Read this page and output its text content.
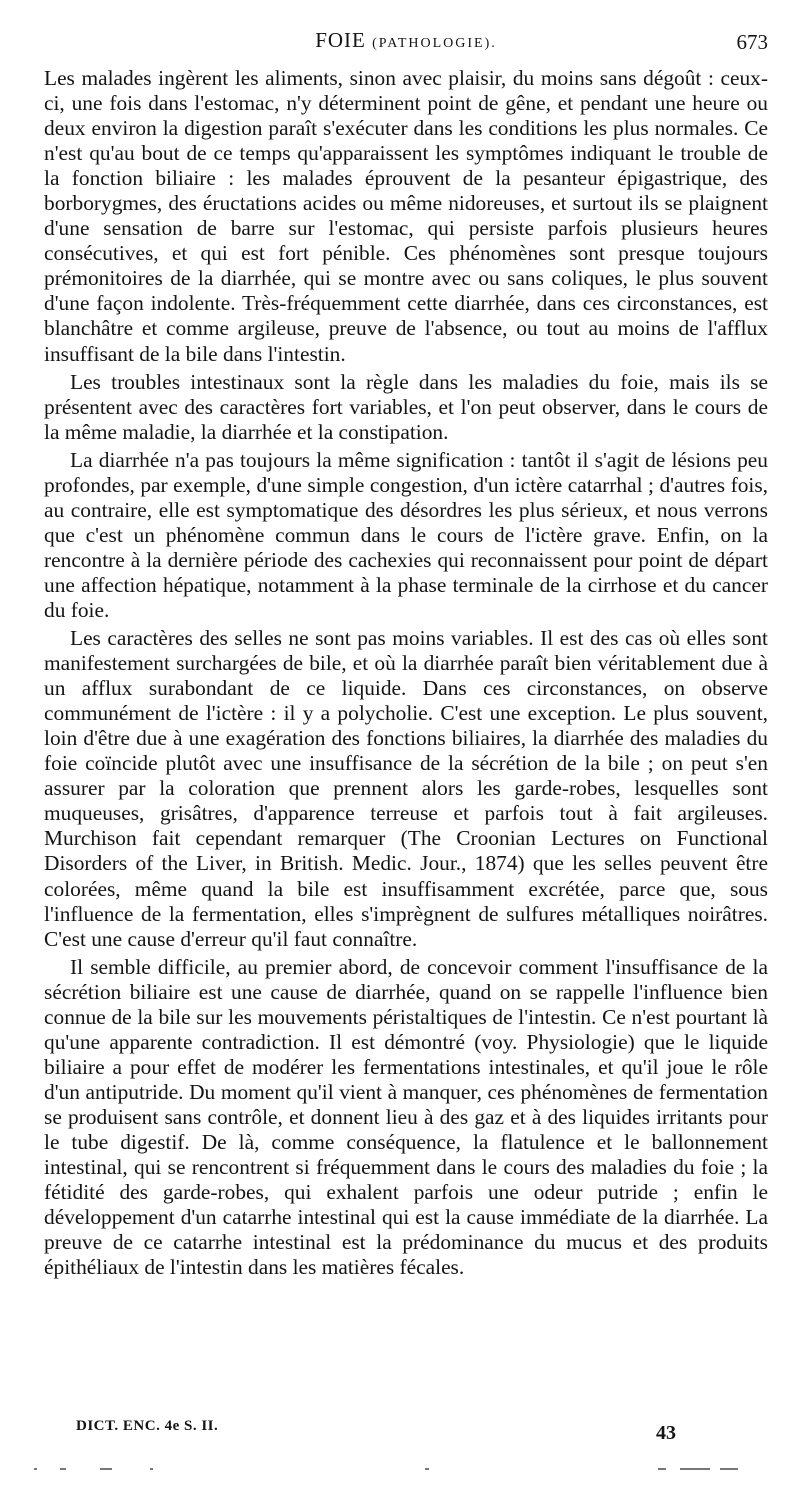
FOIE (PATHOLOGIE).	673

Les malades ingèrent les aliments, sinon avec plaisir, du moins sans dégoût : ceux-ci, une fois dans l'estomac, n'y déterminent point de gêne, et pendant une heure ou deux environ la digestion paraît s'exécuter dans les conditions les plus normales. Ce n'est qu'au bout de ce temps qu'apparaissent les symptômes indiquant le trouble de la fonction biliaire : les malades éprouvent de la pesanteur épigastrique, des borborygmes, des éructations acides ou même nidoreuses, et surtout ils se plaignent d'une sensation de barre sur l'estomac, qui persiste parfois plusieurs heures consécutives, et qui est fort pénible. Ces phénomènes sont presque toujours prémonitoires de la diarrhée, qui se montre avec ou sans coliques, le plus souvent d'une façon indolente. Très-fréquemment cette diarrhée, dans ces circonstances, est blanchâtre et comme argileuse, preuve de l'absence, ou tout au moins de l'afflux insuffisant de la bile dans l'intestin.

Les troubles intestinaux sont la règle dans les maladies du foie, mais ils se présentent avec des caractères fort variables, et l'on peut observer, dans le cours de la même maladie, la diarrhée et la constipation.

La diarrhée n'a pas toujours la même signification : tantôt il s'agit de lésions peu profondes, par exemple, d'une simple congestion, d'un ictère catarrhal ; d'autres fois, au contraire, elle est symptomatique des désordres les plus sérieux, et nous verrons que c'est un phénomène commun dans le cours de l'ictère grave. Enfin, on la rencontre à la dernière période des cachexies qui reconnaissent pour point de départ une affection hépatique, notamment à la phase terminale de la cirrhose et du cancer du foie.

Les caractères des selles ne sont pas moins variables. Il est des cas où elles sont manifestement surchargées de bile, et où la diarrhée paraît bien véritablement due à un afflux surabondant de ce liquide. Dans ces circonstances, on observe communément de l'ictère : il y a polycholie. C'est une exception. Le plus souvent, loin d'être due à une exagération des fonctions biliaires, la diarrhée des maladies du foie coïncide plutôt avec une insuffisance de la sécrétion de la bile ; on peut s'en assurer par la coloration que prennent alors les garde-robes, lesquelles sont muqueuses, grisâtres, d'apparence terreuse et parfois tout à fait argileuses. Murchison fait cependant remarquer (The Croonian Lectures on Functional Disorders of the Liver, in British. Medic. Jour., 1874) que les selles peuvent être colorées, même quand la bile est insuffisamment excrétée, parce que, sous l'influence de la fermentation, elles s'imprègnent de sulfures métalliques noirâtres. C'est une cause d'erreur qu'il faut connaître.

Il semble difficile, au premier abord, de concevoir comment l'insuffisance de la sécrétion biliaire est une cause de diarrhée, quand on se rappelle l'influence bien connue de la bile sur les mouvements péristaltiques de l'intestin. Ce n'est pourtant là qu'une apparente contradiction. Il est démontré (voy. Physiologie) que le liquide biliaire a pour effet de modérer les fermentations intestinales, et qu'il joue le rôle d'un antiputride. Du moment qu'il vient à manquer, ces phénomènes de fermentation se produisent sans contrôle, et donnent lieu à des gaz et à des liquides irritants pour le tube digestif. De là, comme conséquence, la flatulence et le ballonnement intestinal, qui se rencontrent si fréquemment dans le cours des maladies du foie ; la fétidité des garde-robes, qui exhalent parfois une odeur putride ; enfin le développement d'un catarrhe intestinal qui est la cause immédiate de la diarrhée. La preuve de ce catarrhe intestinal est la prédominance du mucus et des produits épithéliaux de l'intestin dans les matières fécales.

DICT. ENC. 4e S. II.	43
